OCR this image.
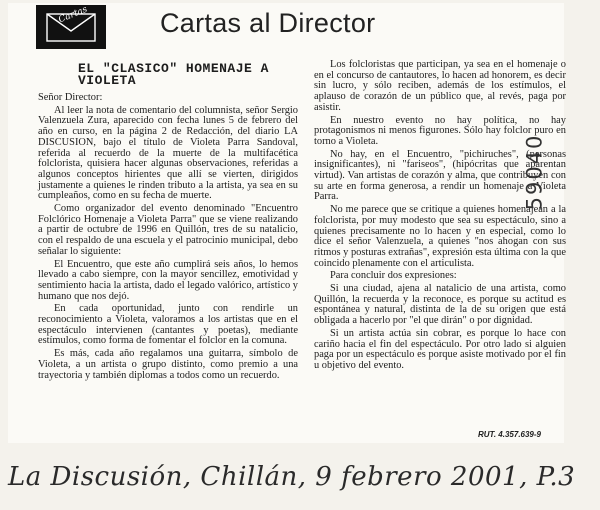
Cartas	Cartas al Director
EL "CLASICO" HOMENAJE A VIOLETA

Señor Director:

Al leer la nota de comentario del columnista, señor Sergio Valenzuela Zura, aparecido con fecha lunes 5 de febrero del año en curso, en la página 2 de Redacción, del diario LA DISCUSION, bajo el título de Violeta Parra Sandoval, referida al recuerdo de la muerte de la multifacética folclorista, quisiera hacer algunas observaciones, referidas a algunos conceptos hirientes que allí se vierten, dirigidos justamente a quienes le rinden tributo a la artista, ya sea en su cumpleaños, como en su fecha de muerte.

Como organizador del evento denominado "Encuentro Folclórico Homenaje a Violeta Parra" que se viene realizando a partir de octubre de 1996 en Quillón, tres de su natalicio, con el respaldo de una escuela y el patrocinio municipal, debo señalar lo siguiente:

El Encuentro, que este año cumplirá seis años, lo hemos llevado a cabo siempre, con la mayor sencillez, emotividad y sentimiento hacia la artista, dado el legado valórico, artístico y humano que nos dejó.

En cada oportunidad, junto con rendirle un reconocimiento a Violeta, valoramos a los artistas que en el espectáculo intervienen (cantantes y poetas), mediante estímulos, como forma de fomentar el folclor en la comuna.

Es más, cada año regalamos una guitarra, símbolo de Violeta, a un artista o grupo distinto, como premio a una trayectoria y también diplomas a todos como un recuerdo.

Los folcloristas que participan, ya sea en el homenaje o en el concurso de cantautores, lo hacen ad honorem, es decir sin lucro, y sólo reciben, además de los estímulos, el aplauso de corazón de un público que, al revés, paga por asistir.

En nuestro evento no hay política, no hay protagonismos ni menos figurones. Sólo hay folclor puro en torno a Violeta.

No hay, en el Encuentro, "pichiruches", (personas insignificantes), ni "fariseos", (hipócritas que aparentan virtud). Van artistas de corazón y alma, que contribuyen con su arte en forma generosa, a rendir un homenaje a Violeta Parra.

No me parece que se critique a quienes homenajean a la folclorista, por muy modesto que sea su espectáculo, sino a quienes precisamente no lo hacen y en especial, como lo dice el señor Valenzuela, a quienes "nos ahogan con sus ritmos y posturas extrañas", expresión esta última con la que coincido plenamente con el articulista.

Para concluir dos expresiones:

Si una ciudad, ajena al natalicio de una artista, como Quillón, la recuerda y la reconoce, es porque su actitud es espontánea y natural, distinta de la de su origen que está obligada a hacerlo por "el que dirán" o por dignidad.

Si un artista actúa sin cobrar, es porque lo hace con cariño hacia el fin del espectáculo. Por otro lado si alguien paga por un espectáculo es porque asiste motivado por el fin u objetivo del evento.

RUT. 4.357.639-9
59040
La Discusión, Chillán, 9 febrero 2001, P.3
